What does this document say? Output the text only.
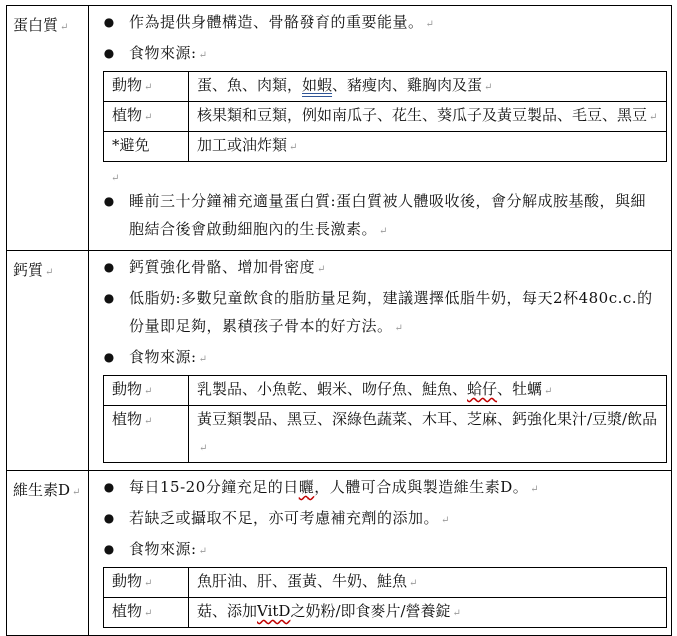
蛋白質 ↵	● 作為提供身體構造、骨骼發育的重要能量。 ↵
● 食物來源: ↵
動物 ↵	蛋、魚、肉類，如蝦、豬瘦肉、雞胸肉及蛋 ↵
植物 ↵	核果類和豆類，例如南瓜子、花生、葵瓜子及黃豆製品、毛豆、黑豆 ↵
*避免	加工或油炸類 ↵
↵
● 睡前三十分鐘補充適量蛋白質:蛋白質被人體吸收後，會分解成胺基酸，與細胞結合後會啟動細胞內的生長激素。 ↵
鈣質 ↵	● 鈣質強化骨骼、增加骨密度 ↵
● 低脂奶:多數兒童飲食的脂肪量足夠，建議選擇低脂牛奶，每天2杯480c.c.的份量即足夠，累積孩子骨本的好方法。 ↵
● 食物來源: ↵
動物 ↵	乳製品、小魚乾、蝦米、吻仔魚、鮭魚、蛤仔、牡蠣 ↵
植物 ↵	黃豆類製品、黑豆、深綠色蔬菜、木耳、芝麻、鈣強化果汁/豆漿/飲品↵
維生素D ↵	● 每日15-20分鐘充足的日曬，人體可合成與製造維生素D。 ↵
● 若缺乏或攝取不足，亦可考慮補充劑的添加。 ↵
● 食物來源: ↵
動物 ↵	魚肝油、肝、蛋黃、牛奶、鮭魚 ↵
植物 ↵	菇、添加VitD之奶粉/即食麥片/營養錠 ↵
